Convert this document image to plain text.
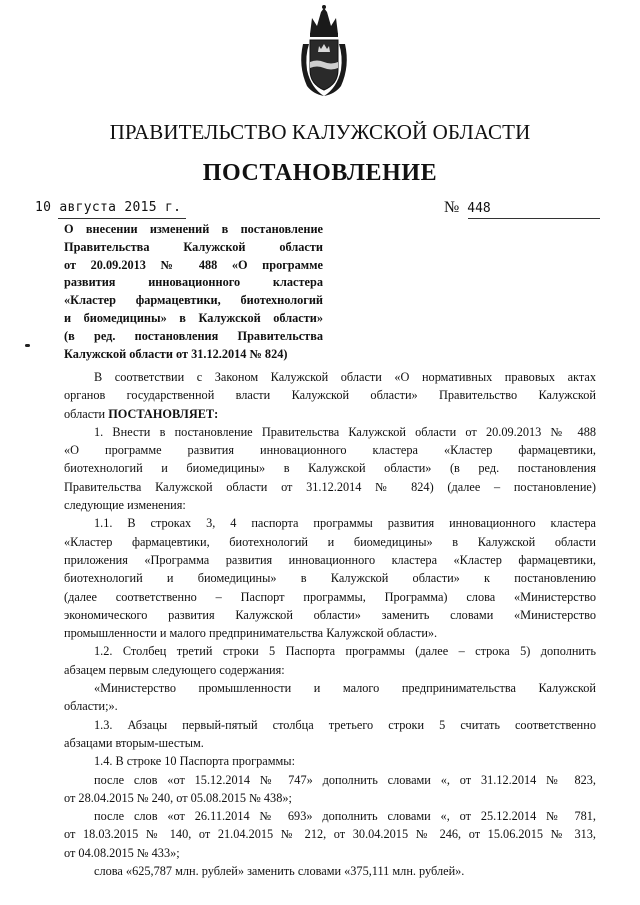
ПРАВИТЕЛЬСТВО КАЛУЖСКОЙ ОБЛАСТИ
ПОСТАНОВЛЕНИЕ
10 августа 2015 г.	№ 448
О внесении изменений в постановление
Правительства Калужской области
от 20.09.2013 № 488 «О программе
развития инновационного кластера
«Кластер фармацевтики, биотехнологий
и биомедицины» в Калужской области»
(в ред. постановления Правительства
Калужской области от 31.12.2014 № 824)
В соответствии с Законом Калужской области «О нормативных правовых актах
органов государственной власти Калужской области» Правительство Калужской
области ПОСТАНОВЛЯЕТ:
1. Внести в постановление Правительства Калужской области от 20.09.2013 № 488
«О программе развития инновационного кластера «Кластер фармацевтики,
биотехнологий и биомедицины» в Калужской области» (в ред. постановления
Правительства Калужской области от 31.12.2014 № 824) (далее – постановление)
следующие изменения:
1.1. В строках 3, 4 паспорта программы развития инновационного кластера
«Кластер фармацевтики, биотехнологий и биомедицины» в Калужской области
приложения «Программа развития инновационного кластера «Кластер фармацевтики,
биотехнологий и биомедицины» в Калужской области» к постановлению
(далее соответственно – Паспорт программы, Программа) слова «Министерство
экономического развития Калужской области» заменить словами «Министерство
промышленности и малого предпринимательства Калужской области».
1.2. Столбец третий строки 5 Паспорта программы (далее – строка 5) дополнить
абзацем первым следующего содержания:
«Министерство промышленности и малого предпринимательства Калужской
области;».
1.3. Абзацы первый-пятый столбца третьего строки 5 считать соответственно
абзацами вторым-шестым.
1.4. В строке 10 Паспорта программы:
после слов «от 15.12.2014 № 747» дополнить словами «, от 31.12.2014 № 823,
от 28.04.2015 № 240, от 05.08.2015 № 438»;
после слов «от 26.11.2014 № 693» дополнить словами «, от 25.12.2014 № 781,
от 18.03.2015 № 140, от 21.04.2015 № 212, от 30.04.2015 № 246, от 15.06.2015 № 313,
от 04.08.2015 № 433»;
слова «625,787 млн. рублей» заменить словами «375,111 млн. рублей».
